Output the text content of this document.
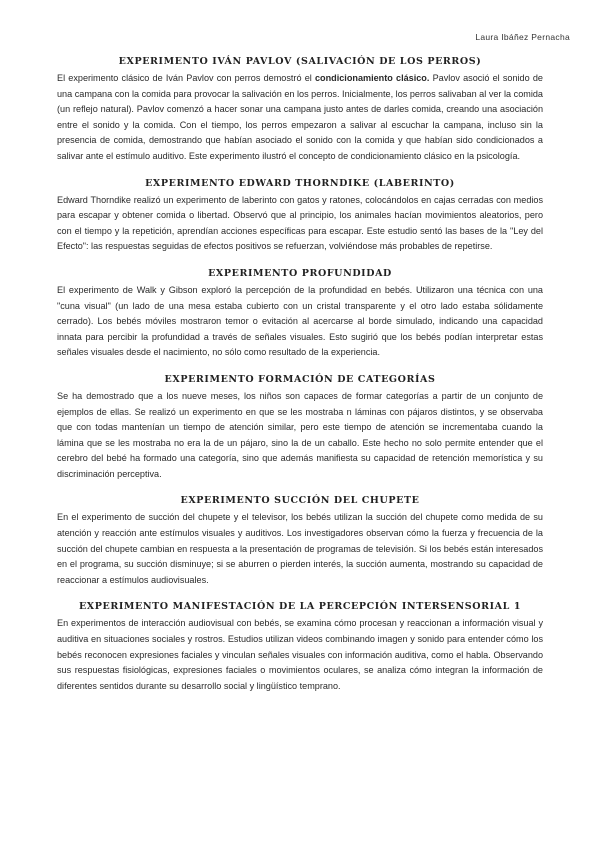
Laura Ibáñez Pernacha
EXPERIMENTO IVÁN PAVLOV (SALIVACIÓN DE LOS PERROS)

El experimento clásico de Iván Pavlov con perros demostró el condicionamiento clásico. Pavlov asoció el sonido de una campana con la comida para provocar la salivación en los perros. Inicialmente, los perros salivaban al ver la comida (un reflejo natural). Pavlov comenzó a hacer sonar una campana justo antes de darles comida, creando una asociación entre el sonido y la comida. Con el tiempo, los perros empezaron a salivar al escuchar la campana, incluso sin la presencia de comida, demostrando que habían asociado el sonido con la comida y que habían sido condicionados a salivar ante el estímulo auditivo. Este experimento ilustró el concepto de condicionamiento clásico en la psicología.

EXPERIMENTO EDWARD THORNDIKE (LABERINTO)

Edward Thorndike realizó un experimento de laberinto con gatos y ratones, colocándolos en cajas cerradas con medios para escapar y obtener comida o libertad. Observó que al principio, los animales hacían movimientos aleatorios, pero con el tiempo y la repetición, aprendían acciones específicas para escapar. Este estudio sentó las bases de la "Ley del Efecto": las respuestas seguidas de efectos positivos se refuerzan, volviéndose más probables de repetirse.

EXPERIMENTO PROFUNDIDAD

El experimento de Walk y Gibson exploró la percepción de la profundidad en bebés. Utilizaron una técnica con una "cuna visual" (un lado de una mesa estaba cubierto con un cristal transparente y el otro lado estaba sólidamente cerrado). Los bebés móviles mostraron temor o evitación al acercarse al borde simulado, indicando una capacidad innata para percibir la profundidad a través de señales visuales. Esto sugirió que los bebés podían interpretar estas señales visuales desde el nacimiento, no sólo como resultado de la experiencia.

EXPERIMENTO FORMACIÓN DE CATEGORÍAS

Se ha demostrado que a los nueve meses, los niños son capaces de formar categorías a partir de un conjunto de ejemplos de ellas. Se realizó un experimento en que se les mostraba n láminas con pájaros distintos, y se observaba que con todas mantenían un tiempo de atención similar, pero este tiempo de atención se incrementaba cuando la lámina que se les mostraba no era la de un pájaro, sino la de un caballo. Este hecho no solo permite entender que el cerebro del bebé ha formado una categoría, sino que además manifiesta su capacidad de retención memorística y su discriminación perceptiva.

EXPERIMENTO SUCCIÓN DEL CHUPETE

En el experimento de succión del chupete y el televisor, los bebés utilizan la succión del chupete como medida de su atención y reacción ante estímulos visuales y auditivos. Los investigadores observan cómo la fuerza y frecuencia de la succión del chupete cambian en respuesta a la presentación de programas de televisión. Si los bebés están interesados en el programa, su succión disminuye; si se aburren o pierden interés, la succión aumenta, mostrando su capacidad de reaccionar a estímulos audiovisuales.

EXPERIMENTO MANIFESTACIÓN DE LA PERCEPCIÓN INTERSENSORIAL 1

En experimentos de interacción audiovisual con bebés, se examina cómo procesan y reaccionan a información visual y auditiva en situaciones sociales y rostros. Estudios utilizan videos combinando imagen y sonido para entender cómo los bebés reconocen expresiones faciales y vinculan señales visuales con información auditiva, como el habla. Observando sus respuestas fisiológicas, expresiones faciales o movimientos oculares, se analiza cómo integran la información de diferentes sentidos durante su desarrollo social y lingüístico temprano.
